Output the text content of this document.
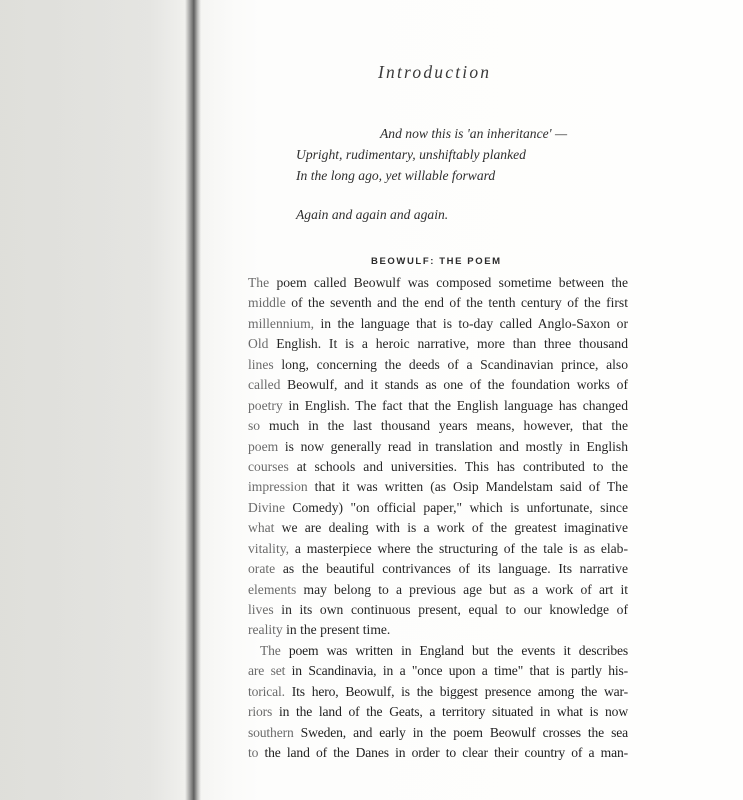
Introduction
And now this is 'an inheritance' —
Upright, rudimentary, unshiftably planked
In the long ago, yet willable forward
Again and again and again.
BEOWULF: THE POEM
The poem called Beowulf was composed sometime between the
middle of the seventh and the end of the tenth century of the first
millennium, in the language that is to-day called Anglo-Saxon or
Old English. It is a heroic narrative, more than three thousand
lines long, concerning the deeds of a Scandinavian prince, also
called Beowulf, and it stands as one of the foundation works of
poetry in English. The fact that the English language has changed
so much in the last thousand years means, however, that the
poem is now generally read in translation and mostly in English
courses at schools and universities. This has contributed to the
impression that it was written (as Osip Mandelstam said of The
Divine Comedy) "on official paper," which is unfortunate, since
what we are dealing with is a work of the greatest imaginative
vitality, a masterpiece where the structuring of the tale is as elab-
orate as the beautiful contrivances of its language. Its narrative
elements may belong to a previous age but as a work of art it
lives in its own continuous present, equal to our knowledge of
reality in the present time.
The poem was written in England but the events it describes
are set in Scandinavia, in a "once upon a time" that is partly his-
torical. Its hero, Beowulf, is the biggest presence among the war-
riors in the land of the Geats, a territory situated in what is now
southern Sweden, and early in the poem Beowulf crosses the sea
to the land of the Danes in order to clear their country of a man-
